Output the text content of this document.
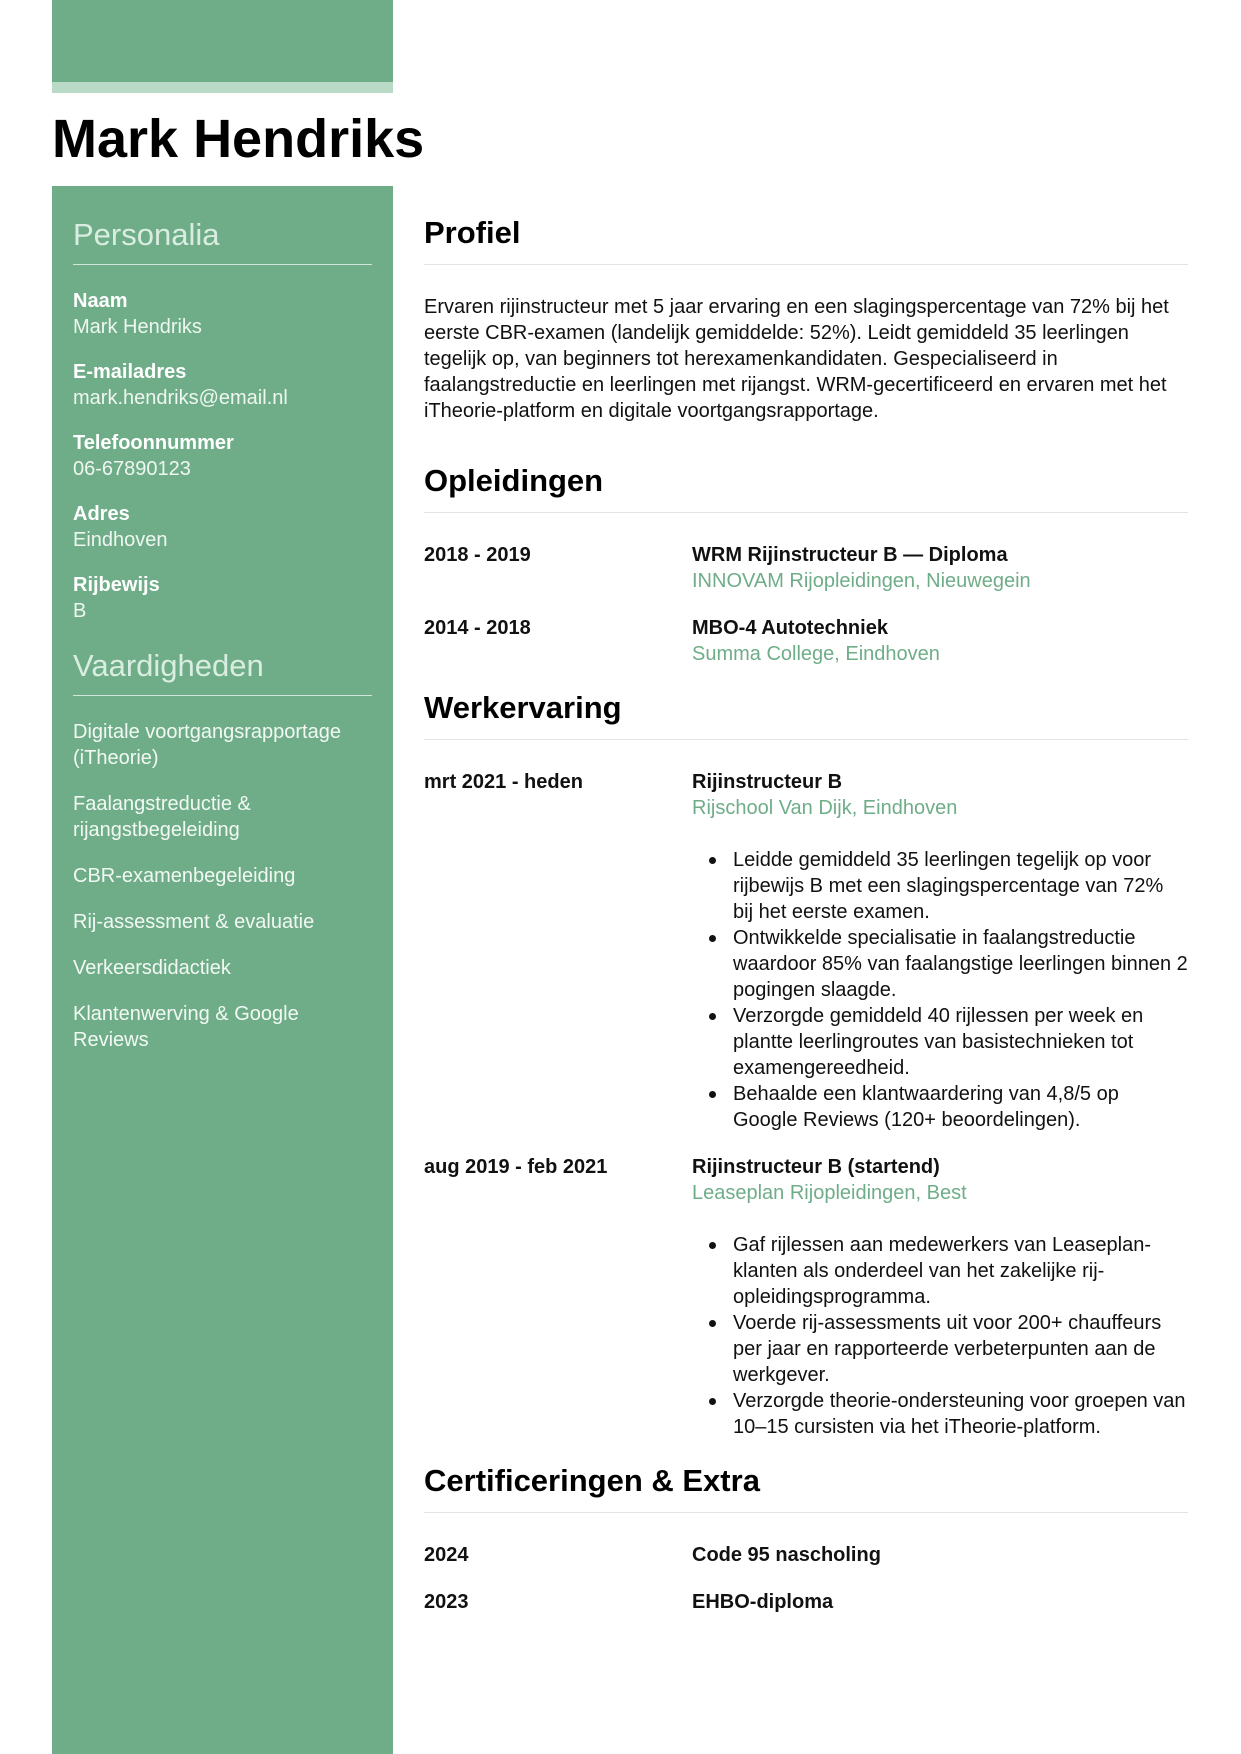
Mark Hendriks
Personalia
Naam
Mark Hendriks
E-mailadres
mark.hendriks@email.nl
Telefoonnummer
06-67890123
Adres
Eindhoven
Rijbewijs
B
Vaardigheden
Digitale voortgangsrapportage (iTheorie)
Faalangstreductie & rijangstbegeleiding
CBR-examenbegeleiding
Rij-assessment & evaluatie
Verkeersdidactiek
Klantenwerving & Google Reviews
Profiel

Ervaren rijinstructeur met 5 jaar ervaring en een slagingspercentage van 72% bij het eerste CBR-examen (landelijk gemiddelde: 52%). Leidt gemiddeld 35 leerlingen tegelijk op, van beginners tot herexamenkandidaten. Gespecialiseerd in faalangstreductie en leerlingen met rijangst. WRM-gecertificeerd en ervaren met het iTheorie-platform en digitale voortgangsrapportage.

Opleidingen
2018 - 2019	WRM Rijinstructeur B — Diploma
INNOVAM Rijopleidingen, Nieuwegein
2014 - 2018	MBO-4 Autotechniek
Summa College, Eindhoven
Werkervaring
mrt 2021 - heden	Rijinstructeur B
Rijschool Van Dijk, Eindhoven
Leidde gemiddeld 35 leerlingen tegelijk op voor rijbewijs B met een slagingspercentage van 72% bij het eerste examen.
Ontwikkelde specialisatie in faalangstreductie waardoor 85% van faalangstige leerlingen binnen 2 pogingen slaagde.
Verzorgde gemiddeld 40 rijlessen per week en plantte leerlingroutes van basistechnieken tot examengereedheid.
Behaalde een klantwaardering van 4,8/5 op Google Reviews (120+ beoordelingen).
aug 2019 - feb 2021	Rijinstructeur B (startend)
Leaseplan Rijopleidingen, Best
Gaf rijlessen aan medewerkers van Leaseplan-klanten als onderdeel van het zakelijke rij-opleidingsprogramma.
Voerde rij-assessments uit voor 200+ chauffeurs per jaar en rapporteerde verbeterpunten aan de werkgever.
Verzorgde theorie-ondersteuning voor groepen van 10–15 cursisten via het iTheorie-platform.
Certificeringen & Extra
2024	Code 95 nascholing
2023	EHBO-diploma
